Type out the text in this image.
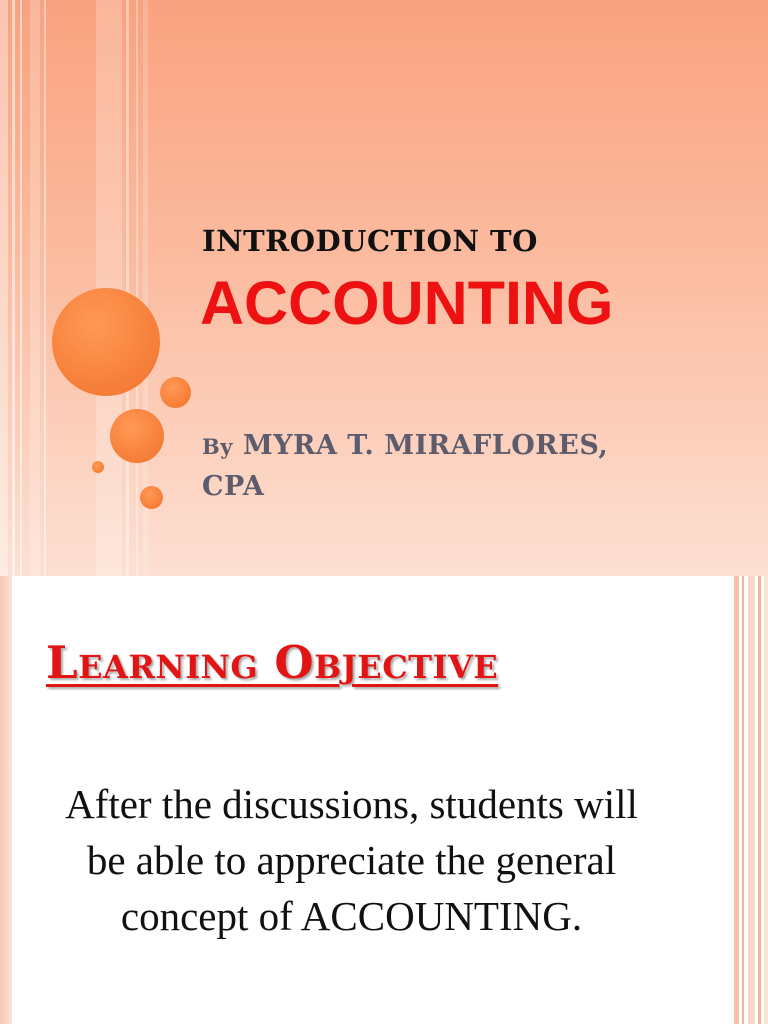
INTRODUCTION TO
ACCOUNTING

By MYRA T. MIRAFLORES,
CPA

Learning Objective

After the discussions, students will be able to appreciate the general concept of ACCOUNTING.
